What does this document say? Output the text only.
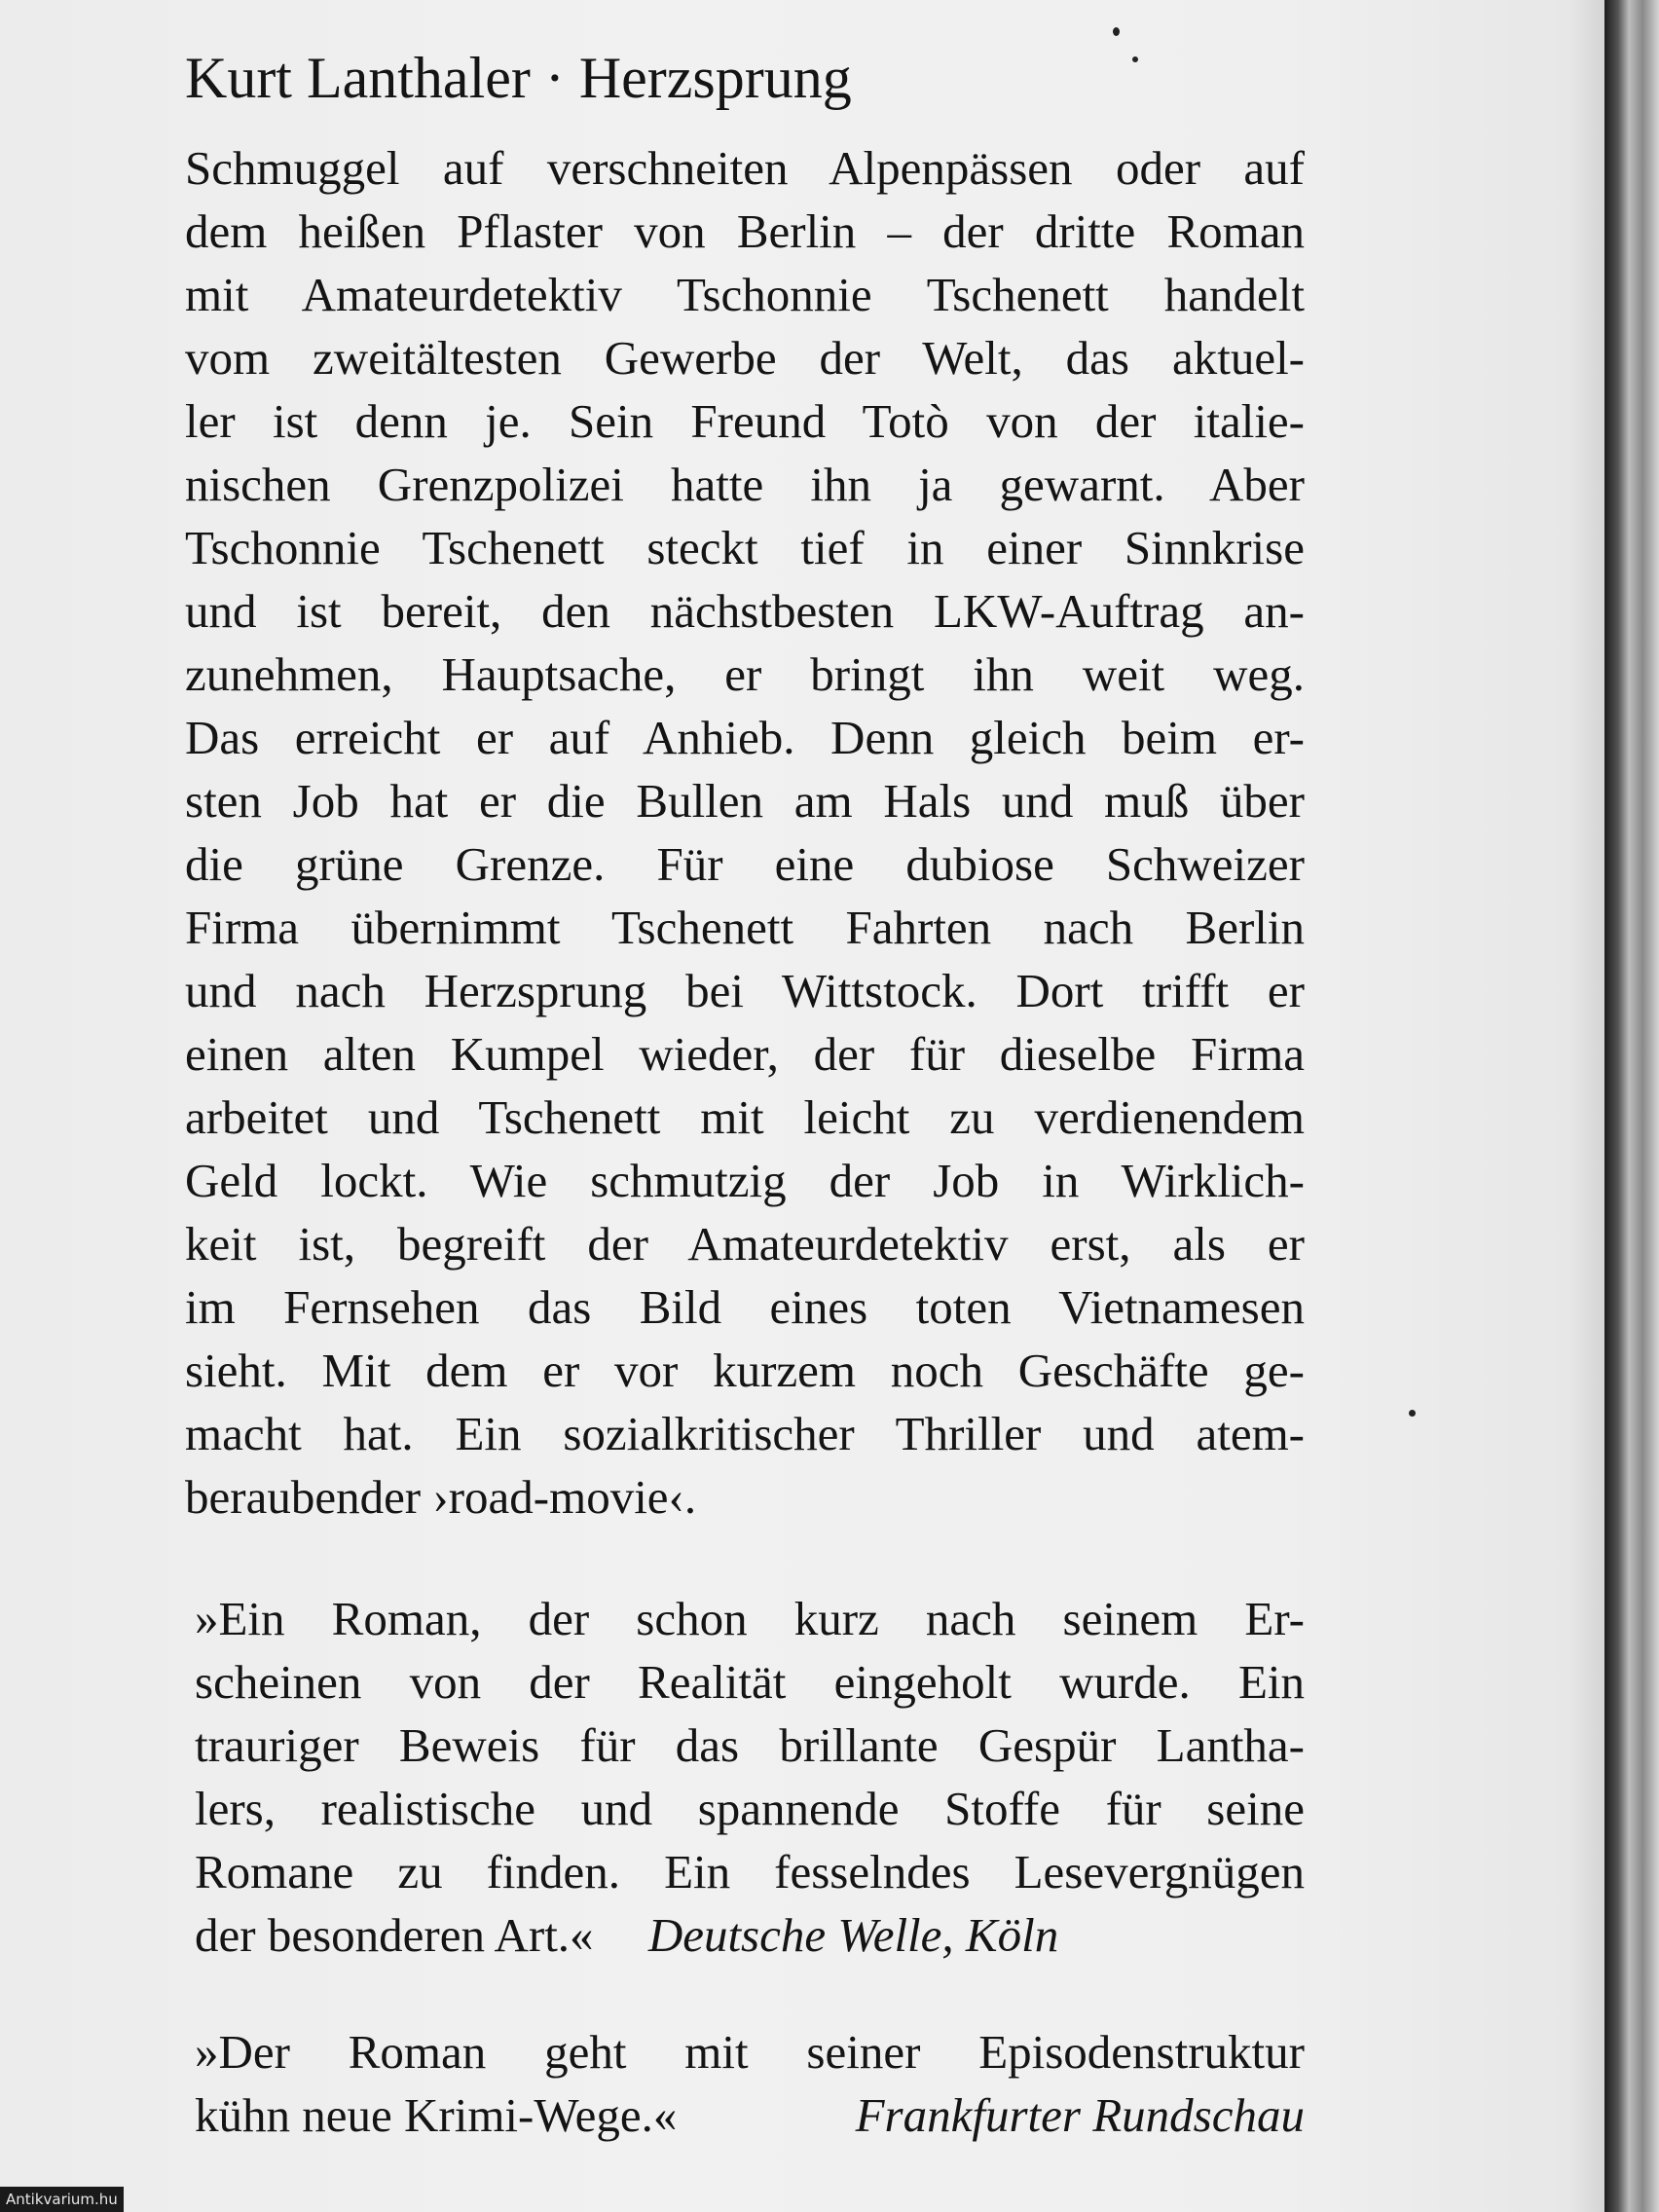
Kurt Lanthaler · Herzsprung
Schmuggel auf verschneiten Alpenpässen oder auf
dem heißen Pflaster von Berlin – der dritte Roman
mit Amateurdetektiv Tschonnie Tschenett handelt
vom zweitältesten Gewerbe der Welt, das aktuel-
ler ist denn je. Sein Freund Totò von der italie-
nischen Grenzpolizei hatte ihn ja gewarnt. Aber
Tschonnie Tschenett steckt tief in einer Sinnkrise
und ist bereit, den nächstbesten LKW-Auftrag an-
zunehmen, Hauptsache, er bringt ihn weit weg.
Das erreicht er auf Anhieb. Denn gleich beim er-
sten Job hat er die Bullen am Hals und muß über
die grüne Grenze. Für eine dubiose Schweizer
Firma übernimmt Tschenett Fahrten nach Berlin
und nach Herzsprung bei Wittstock. Dort trifft er
einen alten Kumpel wieder, der für dieselbe Firma
arbeitet und Tschenett mit leicht zu verdienendem
Geld lockt. Wie schmutzig der Job in Wirklich-
keit ist, begreift der Amateurdetektiv erst, als er
im Fernsehen das Bild eines toten Vietnamesen
sieht. Mit dem er vor kurzem noch Geschäfte ge-
macht hat. Ein sozialkritischer Thriller und atem-
beraubender ›road-movie‹.
»Ein Roman, der schon kurz nach seinem Er-
scheinen von der Realität eingeholt wurde. Ein
trauriger Beweis für das brillante Gespür Lantha-
lers, realistische und spannende Stoffe für seine
Romane zu finden. Ein fesselndes Lesevergnügen
der besonderen Art.« Deutsche Welle, Köln
»Der Roman geht mit seiner Episodenstruktur
kühn neue Krimi-Wege.«	Frankfurter Rundschau
Antikvarium.hu
